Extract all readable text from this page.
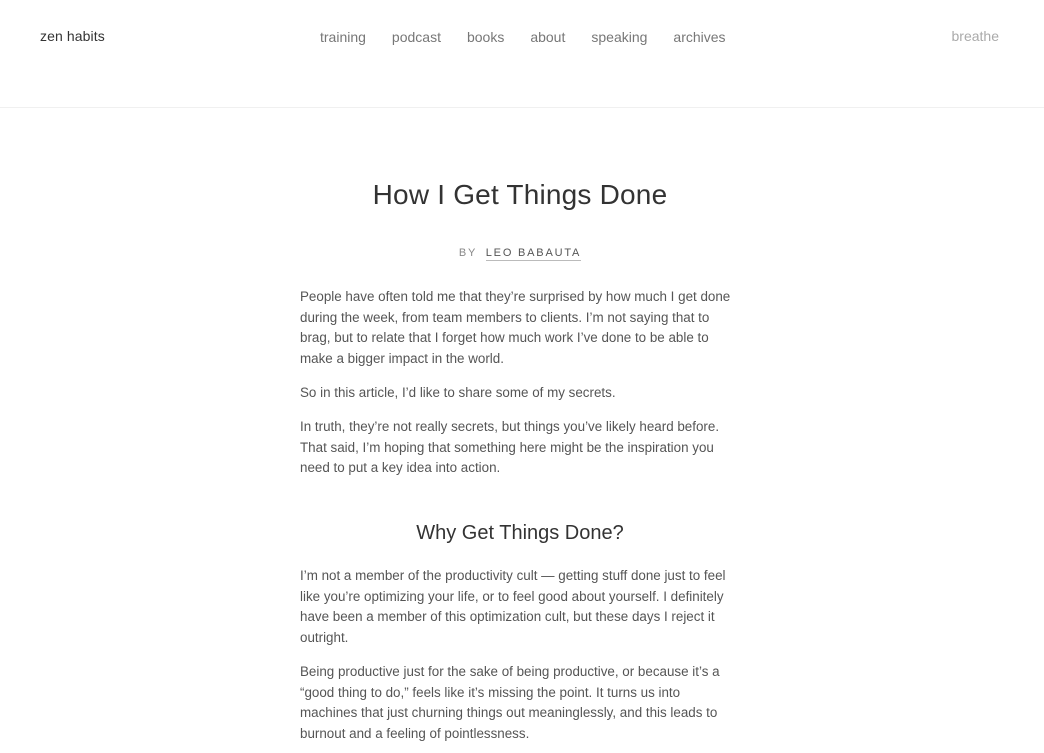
zen habits	training podcast books about speaking archives	breathe
How I Get Things Done
BY LEO BABAUTA

People have often told me that they’re surprised by how much I get done during the week, from team members to clients. I’m not saying that to brag, but to relate that I forget how much work I’ve done to be able to make a bigger impact in the world.

So in this article, I’d like to share some of my secrets.

In truth, they’re not really secrets, but things you’ve likely heard before. That said, I’m hoping that something here might be the inspiration you need to put a key idea into action.

Why Get Things Done?

I’m not a member of the productivity cult — getting stuff done just to feel like you’re optimizing your life, or to feel good about yourself. I definitely have been a member of this optimization cult, but these days I reject it outright.

Being productive just for the sake of being productive, or because it’s a “good thing to do,” feels like it’s missing the point. It turns us into machines that just churning things out meaninglessly, and this leads to burnout and a feeling of pointlessness.
